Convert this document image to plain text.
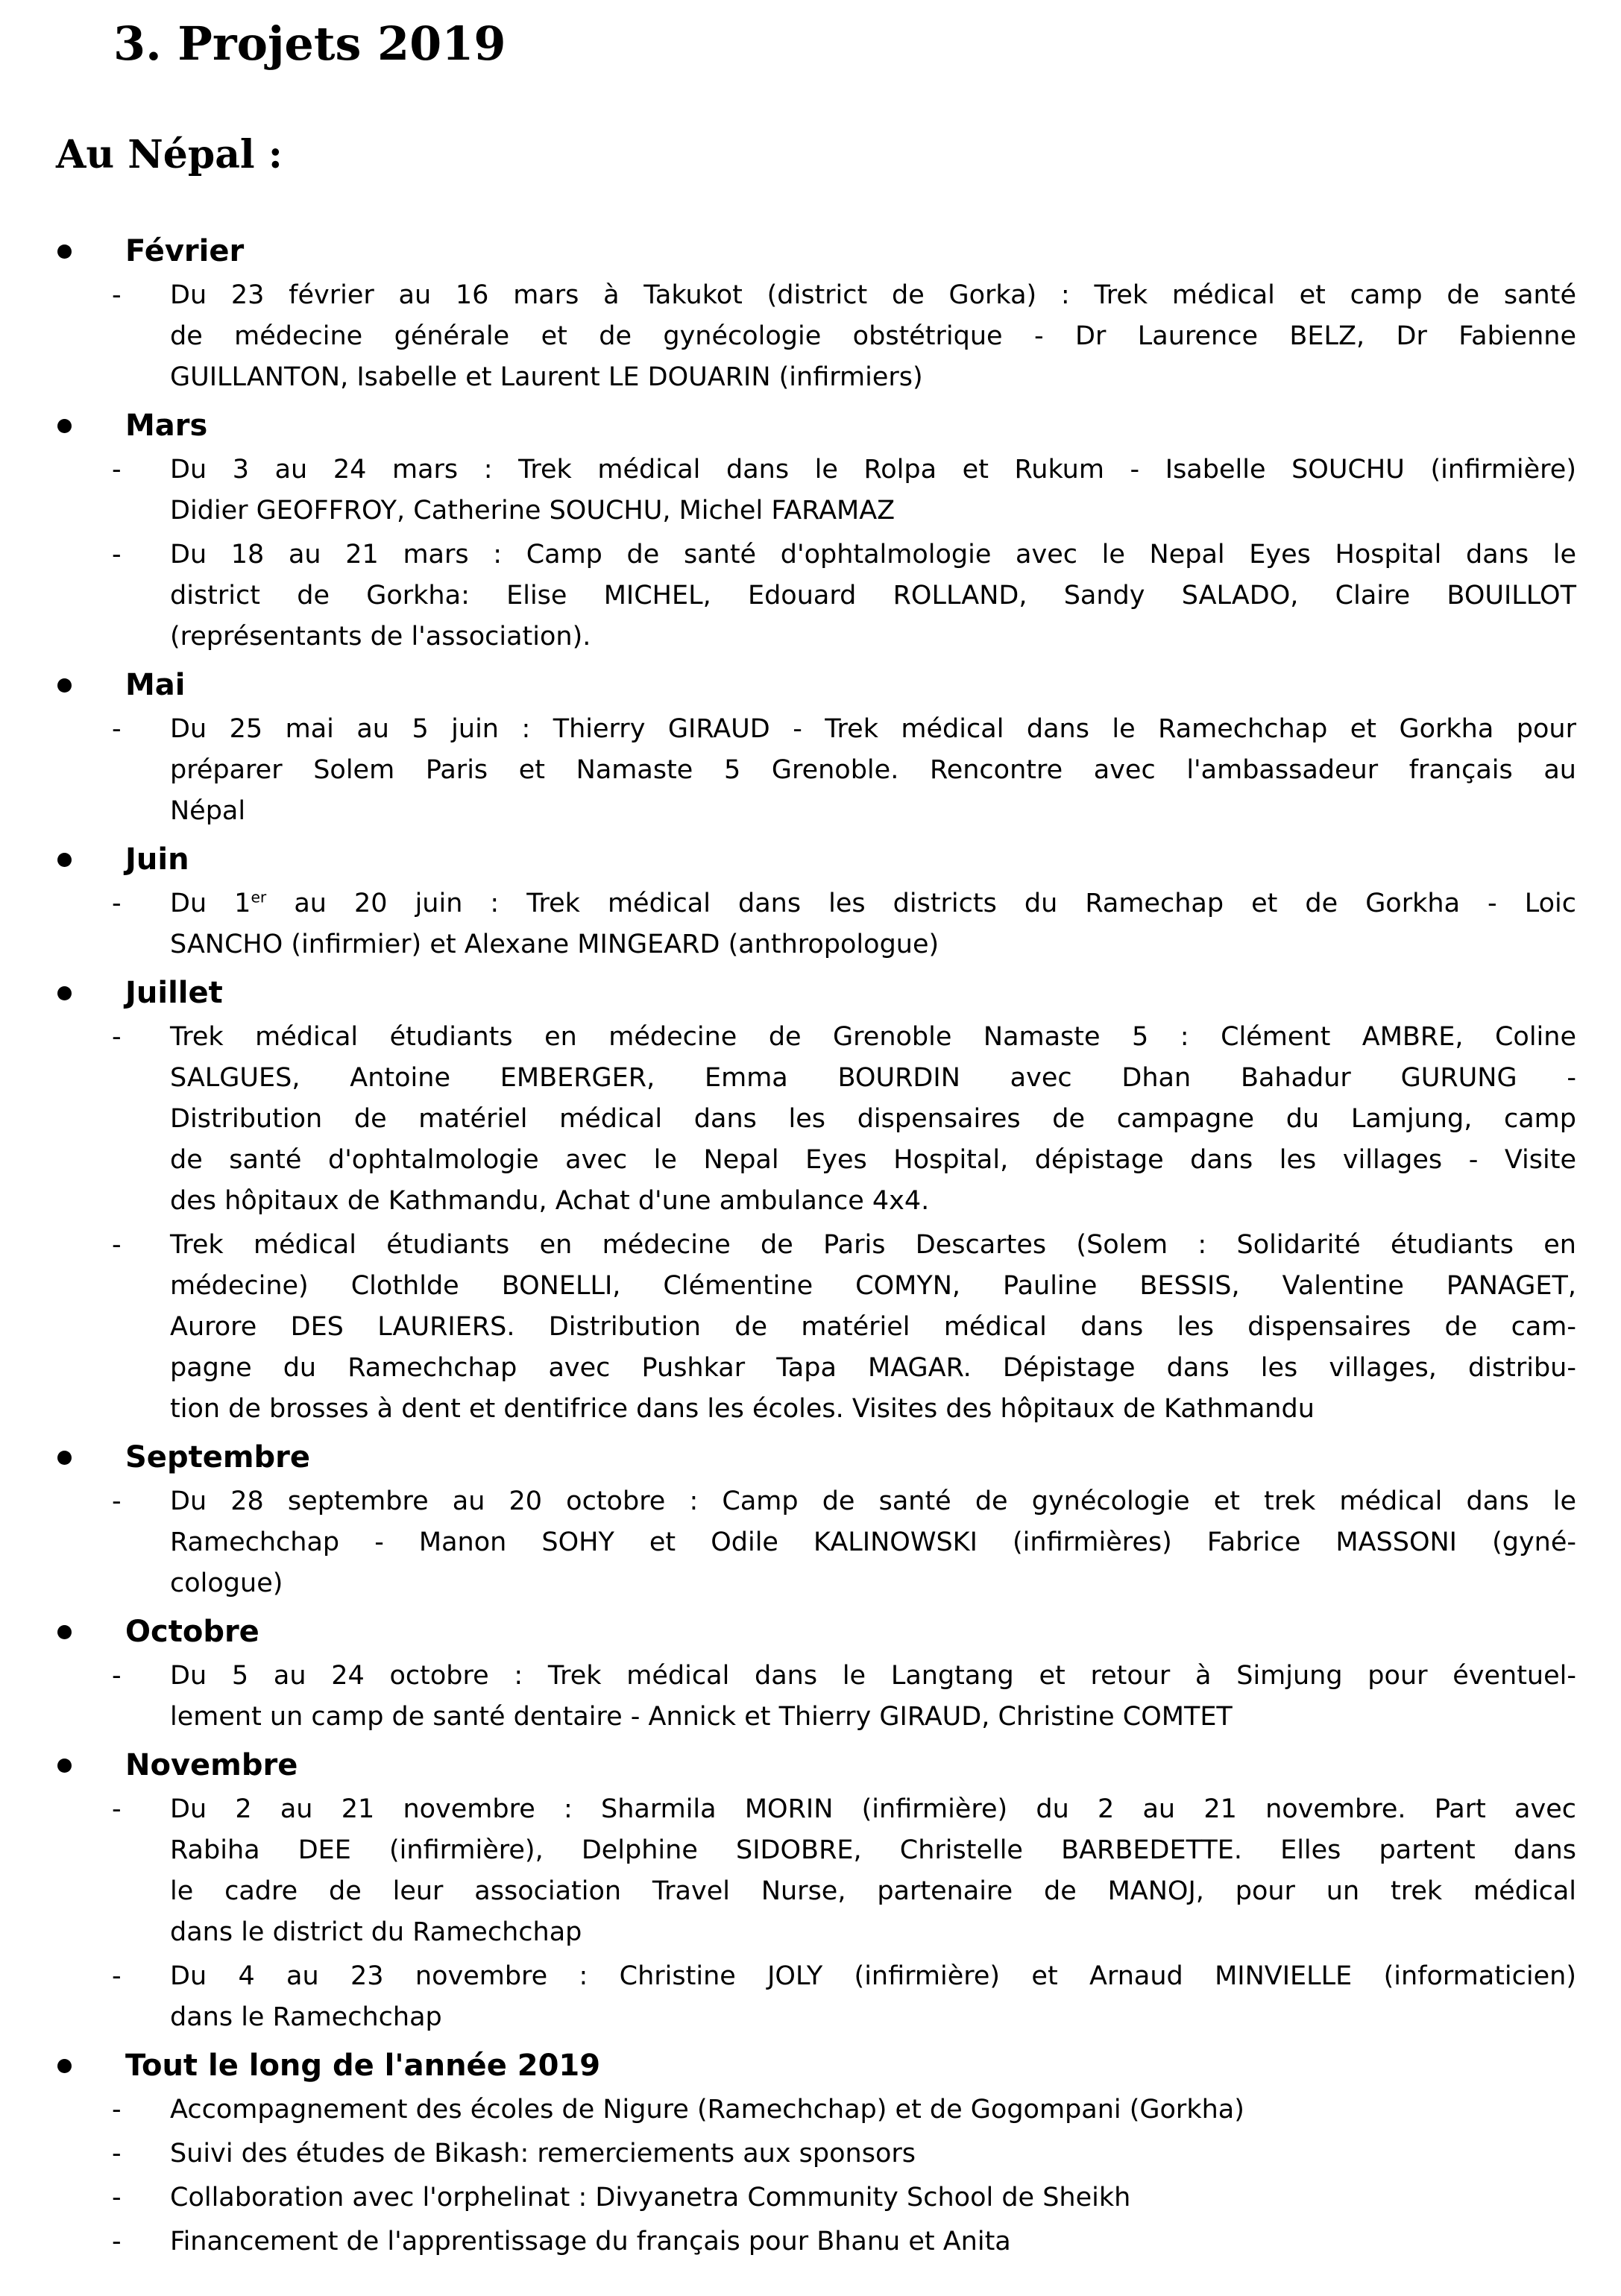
3. Projets 2019
Au Népal :
Février
-	Du 23 février au 16 mars à Takukot (district de Gorka) : Trek médical et camp de santé
de médecine générale et de gynécologie obstétrique - Dr Laurence BELZ, Dr Fabienne
GUILLANTON, Isabelle et Laurent LE DOUARIN (infirmiers)
Mars
-	Du 3 au 24 mars : Trek médical dans le Rolpa et Rukum - Isabelle SOUCHU (infirmière)
Didier GEOFFROY, Catherine SOUCHU, Michel FARAMAZ
-	Du 18 au 21 mars : Camp de santé d'ophtalmologie avec le Nepal Eyes Hospital dans le
district de Gorkha: Elise MICHEL, Edouard ROLLAND, Sandy SALADO, Claire BOUILLOT
(représentants de l'association).
Mai
-	Du 25 mai au 5 juin : Thierry GIRAUD - Trek médical dans le Ramechchap et Gorkha pour
préparer Solem Paris et Namaste 5 Grenoble. Rencontre avec l'ambassadeur français au
Népal
Juin
-	Du 1er au 20 juin : Trek médical dans les districts du Ramechap et de Gorkha - Loic
SANCHO (infirmier) et Alexane MINGEARD (anthropologue)
Juillet
-	Trek médical étudiants en médecine de Grenoble Namaste 5 : Clément AMBRE, Coline
SALGUES, Antoine EMBERGER, Emma BOURDIN avec Dhan Bahadur GURUNG -
Distribution de matériel médical dans les dispensaires de campagne du Lamjung, camp
de santé d'ophtalmologie avec le Nepal Eyes Hospital, dépistage dans les villages - Visite
des hôpitaux de Kathmandu, Achat d'une ambulance 4x4.
-	Trek médical étudiants en médecine de Paris Descartes (Solem : Solidarité étudiants en
médecine) Clothlde BONELLI, Clémentine COMYN, Pauline BESSIS, Valentine PANAGET,
Aurore DES LAURIERS. Distribution de matériel médical dans les dispensaires de cam-
pagne du Ramechchap avec Pushkar Tapa MAGAR. Dépistage dans les villages, distribu-
tion de brosses à dent et dentifrice dans les écoles. Visites des hôpitaux de Kathmandu
Septembre
-	Du 28 septembre au 20 octobre : Camp de santé de gynécologie et trek médical dans le
Ramechchap - Manon SOHY et Odile KALINOWSKI (infirmières) Fabrice MASSONI (gyné-
cologue)
Octobre
-	Du 5 au 24 octobre : Trek médical dans le Langtang et retour à Simjung pour éventuel-
lement un camp de santé dentaire - Annick et Thierry GIRAUD, Christine COMTET
Novembre
-	Du 2 au 21 novembre : Sharmila MORIN (infirmière) du 2 au 21 novembre. Part avec
Rabiha DEE (infirmière), Delphine SIDOBRE, Christelle BARBEDETTE. Elles partent dans
le cadre de leur association Travel Nurse, partenaire de MANOJ, pour un trek médical
dans le district du Ramechchap
-	Du 4 au 23 novembre : Christine JOLY (infirmière) et Arnaud MINVIELLE (informaticien)
dans le Ramechchap
Tout le long de l'année 2019
-	Accompagnement des écoles de Nigure (Ramechchap) et de Gogompani (Gorkha)
-	Suivi des études de Bikash: remerciements aux sponsors
-	Collaboration avec l'orphelinat : Divyanetra Community School de Sheikh
-	Financement de l'apprentissage du français pour Bhanu et Anita
